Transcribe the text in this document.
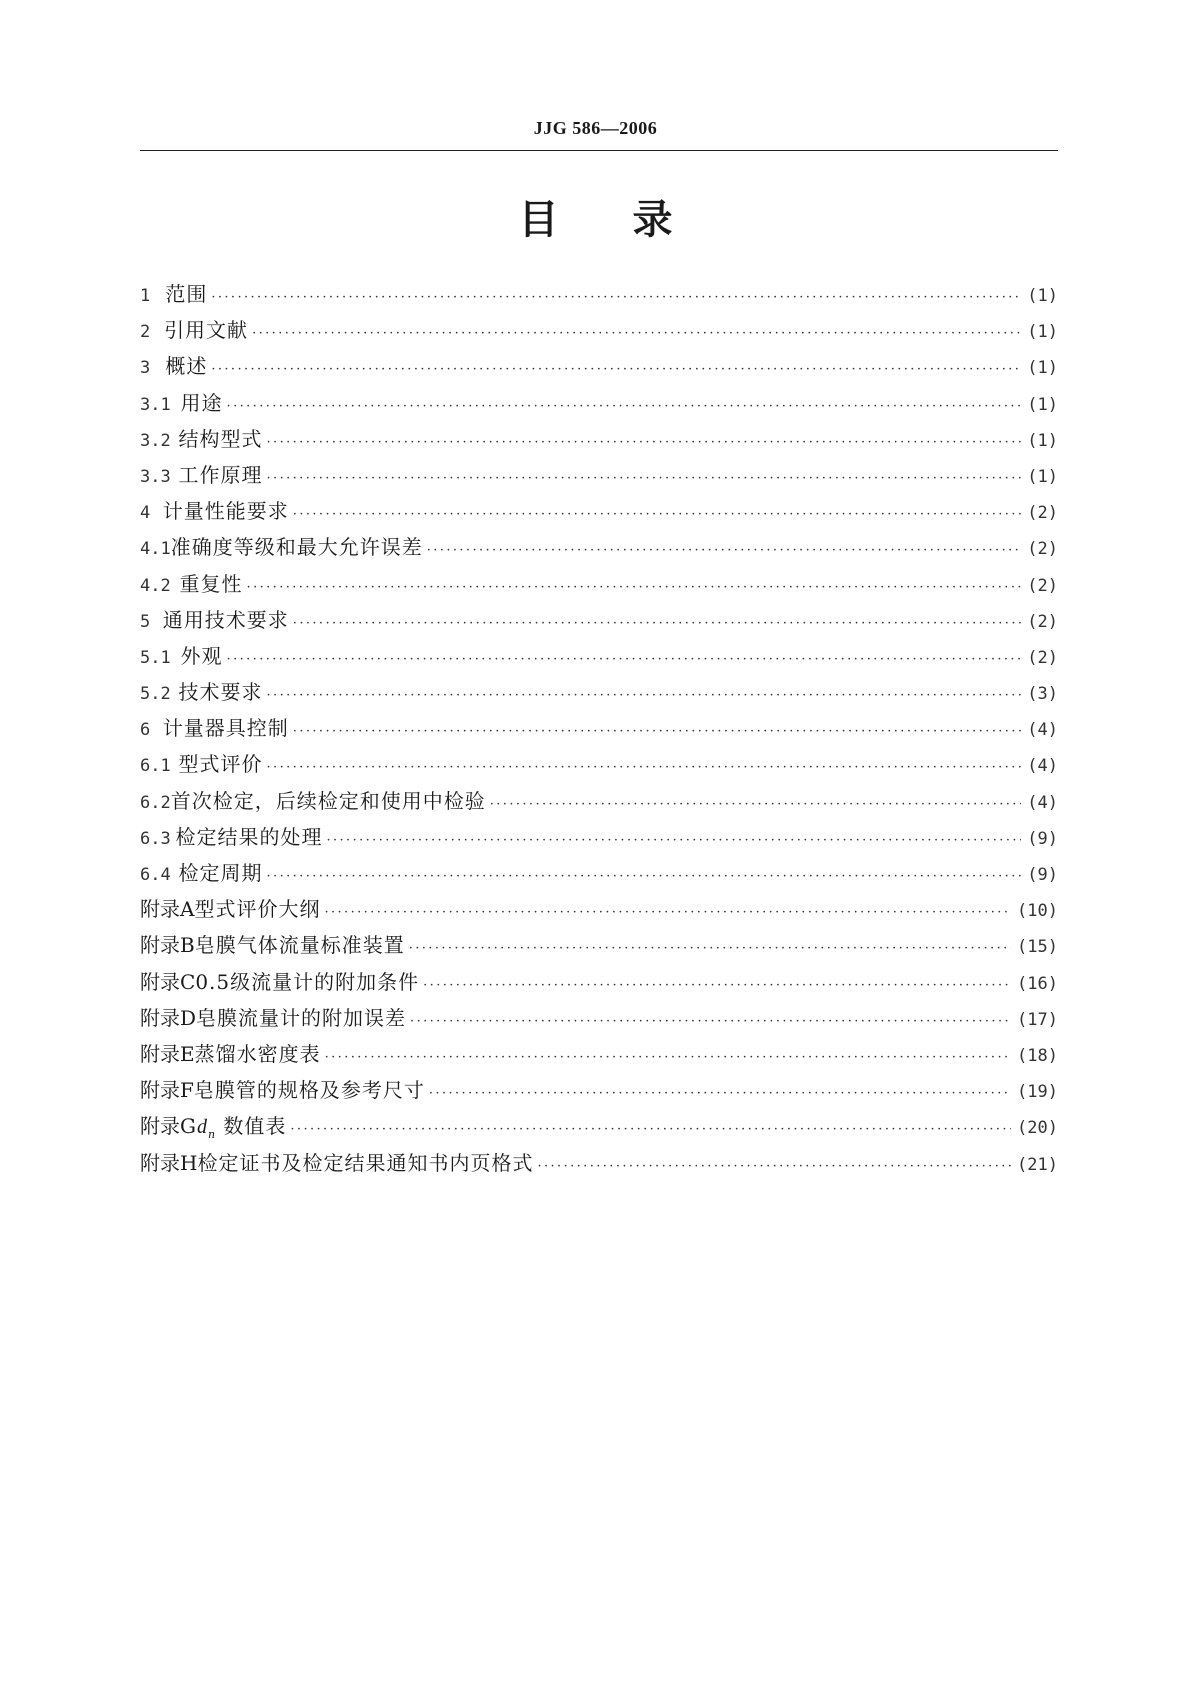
JJG 586—2006
目 录
1 范围 ·····	(1)
2 引用文献 ·····	(1)
3 概述 ·····	(1)
3.1 用途 ·····	(1)
3.2 结构型式 ·····	(1)
3.3 工作原理 ·····	(1)
4 计量性能要求 ·····	(2)
4.1 准确度等级和最大允许误差 ·····	(2)
4.2 重复性 ·····	(2)
5 通用技术要求 ·····	(2)
5.1 外观 ·····	(2)
5.2 技术要求 ·····	(3)
6 计量器具控制 ·····	(4)
6.1 型式评价 ·····	(4)
6.2 首次检定，后续检定和使用中检验 ·····	(4)
6.3 检定结果的处理 ·····	(9)
6.4 检定周期 ·····	(9)
附录A 型式评价大纲 ·····	(10)
附录B 皂膜气体流量标准装置 ·····	(15)
附录C 0.5级流量计的附加条件 ·····	(16)
附录D 皂膜流量计的附加误差 ·····	(17)
附录E 蒸馏水密度表 ·····	(18)
附录F 皂膜管的规格及参考尺寸 ·····	(19)
附录G $d_n$ 数值表 ·····	(20)
附录H 检定证书及检定结果通知书内页格式 ·····	(21)
